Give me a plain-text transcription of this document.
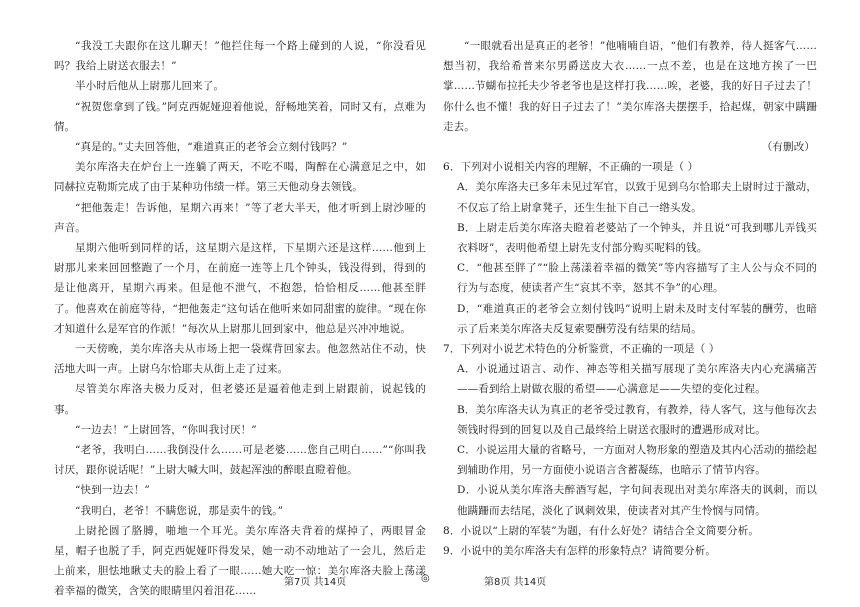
“我没工夫跟你在这儿聊天！”他拦住每一个路上碰到的人说，“你没看见吗？我给上尉送衣服去！”

半小时后他从上尉那儿回来了。

“祝贺您拿到了钱。”阿克西妮娅迎着他说，舒畅地笑着，同时又有，点难为情。

“真是的。”丈夫回答他，“难道真正的老爷会立刻付钱吗？”

美尔库洛夫在炉台上一连躺了两天，不吃不喝，陶醉在心满意足之中，如同赫拉克勒斯完成了由于某种功伟绩一样。第三天他动身去领钱。

“把他轰走！告诉他，星期六再来！”等了老大半天，他才听到上尉沙哑的声音。

星期六他听到同样的话，这星期六是这样，下星期六还是这样……他到上尉那儿来来回回整跑了一个月，在前庭一连等上几个钟头，钱没得到，得到的是让他离开，星期六再来。但是他不泄气，不抱怨，恰恰相反……他甚至胖了。他喜欢在前庭等待，“把他轰走”这句话在他听来如同甜蜜的旋律。“现在你才知道什么是军官的作派！”每次从上尉那儿回到家中，他总是兴冲冲地说。

一天傍晚，美尔库洛夫从市场上把一袋煤背回家去。他忽然站住不动，快活地大叫一声。上尉乌尔恰耶夫从街上走了过来。

尽管美尔库洛夫极力反对，但老婆还是逼着他走到上尉跟前，说起钱的事。

“一边去！”上尉回答，“你叫我讨厌！”

“老爷，我明白……我倒没什么……可是老婆……您自己明白……”“你叫我讨厌，跟你说话呢！”上尉大喊大叫，鼓起浑浊的醉眼直瞪着他。

“快到一边去！”

“我明白，老爷！不瞒您说，那是卖牛的钱。”

上尉抡圆了胳膊，啪地一个耳光。美尔库洛夫背着的煤掉了，两眼冒金星，帽子也脱了手，阿克西妮娅吓得发呆，她一动不动地站了一会儿，然后走上前来，胆怯地瞅丈夫的脸上看了一眼……她大吃一惊：美尔库洛夫脸上荡漾着幸福的微笑，含笑的眼睛里闪着泪花……

“一眼就看出是真正的老爷！”他喃喃自语，“他们有教养，待人挺客气……想当初，我给希普来尔男爵送皮大衣……一点不差，也是在这地方挨了一巴掌……节蝴布拉托夫少爷老爷也是这样打我……唉，老婆，我的好日子过去了！你什么也不懂！我的好日子过去了！”美尔库洛夫摆摆手，拾起煤，朝家中蹒跚走去。

（有删改）

6．下列对小说相关内容的理解，不正确的一项是（ ）

A．美尔库洛夫已多年未见过军官，以致于见到乌尔恰耶夫上尉时过于激动，不仅忘了给上尉拿凳子，还生生扯下自己一绺头发。

B．上尉走后美尔库洛夫瞪着老婆站了一个钟头，并且说“可我到哪儿弄钱买衣料呀”，表明他希望上尉先支付部分购买呢料的钱。

C．“他甚至胖了”“脸上荡漾着幸福的微笑”等内容描写了主人公与众不同的行为与态度，使读者产生“哀其不幸，怒其不争”的心理。

D．“难道真正的老爷会立刻付钱吗”说明上尉未及时支付军装的酬劳，也暗示了后来美尔库洛夫反复索要酬劳没有结果的结局。

7．下列对小说艺术特色的分析鉴赏，不正确的一项是（ ）

A．小说通过语言、动作、神态等相关描写展现了美尔库洛夫内心充满痛苦——看到给上尉做衣服的希望——心满意足——失望的变化过程。

B．美尔库洛夫认为真正的老爷受过教育，有教养，待人客气，这与他每次去领钱时得到的回复以及自己最终给上尉送衣服时的遭遇形成对比。

C．小说运用大量的省略号，一方面对人物形象的塑造及其内心活动的描绘起到辅助作用，另一方面使小说语言含蓄凝练，也暗示了情节内容。

D．小说从美尔库洛夫醉酒写起，字句间表现出对美尔库洛夫的讽刺，而以他蹒跚而去结尾，淡化了讽刺效果，使读者对其产生怜悯与同情。

8．小说以“上尉的军装”为题，有什么好处？请结合全文简要分析。

9．小说中的美尔库洛夫有怎样的形象特点？请简要分析。

第7页 共14页	◎	第8页 共14页
